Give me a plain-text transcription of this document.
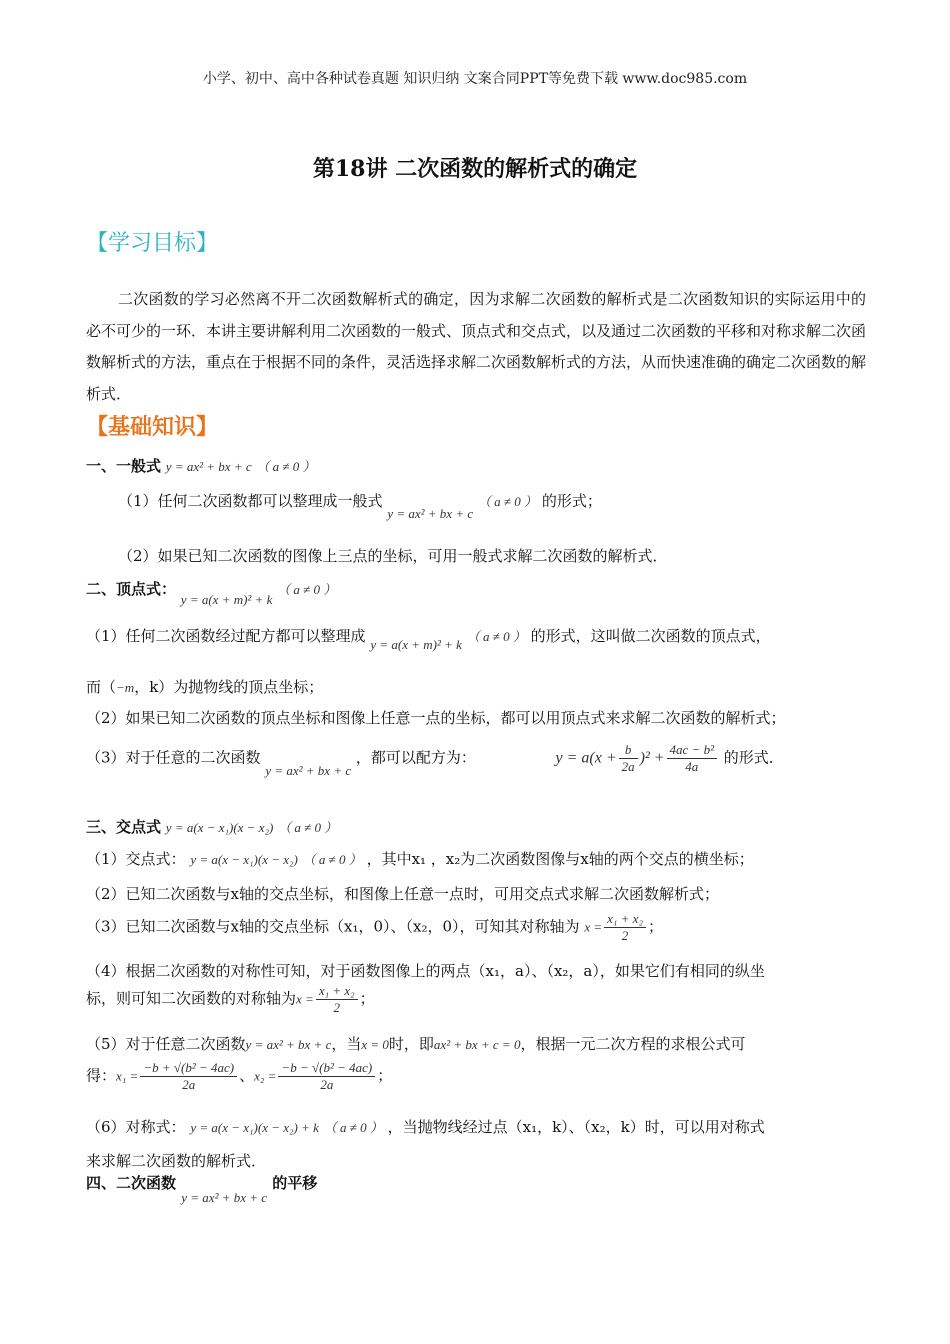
小学、初中、高中各种试卷真题 知识归纳 文案合同PPT等免费下载 www.doc985.com
第18讲 二次函数的解析式的确定
【学习目标】
二次函数的学习必然离不开二次函数解析式的确定，因为求解二次函数的解析式是二次函数知识的实际运用中的必不可少的一环．本讲主要讲解利用二次函数的一般式、顶点式和交点式，以及通过二次函数的平移和对称求解二次函数解析式的方法，重点在于根据不同的条件，灵活选择求解二次函数解析式的方法，从而快速准确的确定二次函数的解析式．
【基础知识】
一、一般式 y = ax² + bx + c （ a ≠ 0 ）
（1）任何二次函数都可以整理成一般式 y = ax² + bx + c （ a ≠ 0 ） 的形式；
（2）如果已知二次函数的图像上三点的坐标，可用一般式求解二次函数的解析式．
二、顶点式： y = a(x + m)² + k （ a ≠ 0 ）
（1）任何二次函数经过配方都可以整理成 y = a(x + m)² + k （ a ≠ 0 ） 的形式，这叫做二次函数的顶点式，
而（−m，k）为抛物线的顶点坐标；
（2）如果已知二次函数的顶点坐标和图像上任意一点的坐标，都可以用顶点式来求解二次函数的解析式；
（3）对于任意的二次函数 y = ax² + bx + c ，都可以配方为：	$y = a(x + \frac{b}{2a} )^2 + \frac{\text{4ac − b²}}{4a}$ 的形式．
三、交点式 y = a(x − x₁)(x − x₂) （ a ≠ 0 ）
（1）交点式： y = a(x − x₁)(x − x₂) （ a ≠ 0 ） ，其中x₁ ，x₂为二次函数图像与x轴的两个交点的横坐标；
（2）已知二次函数与x轴的交点坐标，和图像上任意一点时，可用交点式求解二次函数解析式；
（3）已知二次函数与x轴的交点坐标（x₁，0）、（x₂，0），可知其对称轴为 $x = \frac{\text{x₁ + x₂}}{2}$ ；
（4）根据二次函数的对称性可知，对于函数图像上的两点（x₁，a）、（x₂，a），如果它们有相同的纵坐
标，则可知二次函数的对称轴为$x = \frac{\text{x₁ + x₂}}{2}$ ；
（5）对于任意二次函数y = ax² + bx + c，当x = 0时，即ax² + bx + c = 0，根据一元二次方程的求根公式可
得：$x_1 = \frac{\text{−b + √(b² − 4ac)}}{2a}$ 、$x_2 = \frac{\text{−b − √(b² − 4ac)}}{2a}$ ；
（6）对称式： y = a(x − x₁)(x − x₂) + k （ a ≠ 0 ） ，当抛物线经过点（x₁，k）、（x₂，k）时，可以用对称式
来求解二次函数的解析式．
四、二次函数 y = ax² + bx + c 的平移
